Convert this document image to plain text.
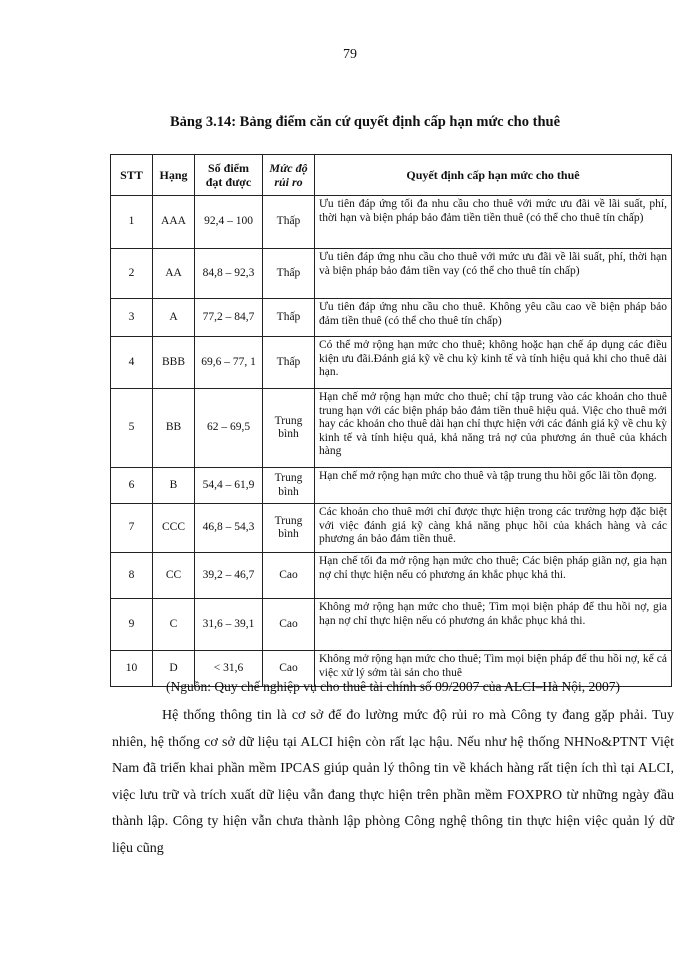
79
Bảng 3.14: Bảng điểm căn cứ quyết định cấp hạn mức cho thuê
STT	Hạng	Số điểm đạt được	Mức độ rủi ro	Quyết định cấp hạn mức cho thuê
1	AAA	92,4 – 100	Thấp	Ưu tiên đáp ứng tối đa nhu cầu cho thuê với mức ưu đãi về lãi suất, phí, thời hạn và biện pháp bảo đảm tiền tiền thuê (có thể cho thuê tín chấp)
2	AA	84,8 – 92,3	Thấp	Ưu tiên đáp ứng nhu cầu cho thuê với mức ưu đãi về lãi suất, phí, thời hạn và biện pháp bảo đảm tiền vay (có thể cho thuê tín chấp)
3	A	77,2 – 84,7	Thấp	Ưu tiên đáp ứng nhu cầu cho thuê. Không yêu cầu cao về biện pháp bảo đảm tiền thuê (có thể cho thuê tín chấp)
4	BBB	69,6 – 77, 1	Thấp	Có thể mở rộng hạn mức cho thuê; không hoặc hạn chế áp dụng các điều kiện ưu đãi.Đánh giá kỹ về chu kỳ kinh tế và tính hiệu quả khi cho thuê dài hạn.
5	BB	62 – 69,5	Trung bình	Hạn chế mở rộng hạn mức cho thuê; chỉ tập trung vào các khoản cho thuê trung hạn với các biện pháp bảo đảm tiền thuê hiệu quả. Việc cho thuê mới hay các khoản cho thuê dài hạn chỉ thực hiện với các đánh giá kỹ về chu kỳ kinh tế và tính hiệu quả, khả năng trả nợ của phương án thuê của khách hàng
6	B	54,4 – 61,9	Trung bình	Hạn chế mở rộng hạn mức cho thuê và tập trung thu hồi gốc lãi tồn đọng.
7	CCC	46,8 – 54,3	Trung bình	Các khoản cho thuê mới chỉ được thực hiện trong các trường hợp đặc biệt với việc đánh giá kỹ càng khả năng phục hồi của khách hàng và các phương án bảo đảm tiền thuê.
8	CC	39,2 – 46,7	Cao	Hạn chế tối đa mở rộng hạn mức cho thuê; Các biện pháp giãn nợ, gia hạn nợ chỉ thực hiện nếu có phương án khắc phục khả thi.
9	C	31,6 – 39,1	Cao	Không mở rộng hạn mức cho thuê; Tìm mọi biện pháp để thu hồi nợ, gia hạn nợ chỉ thực hiện nếu có phương án khắc phục khả thi.
10	D	< 31,6	Cao	Không mở rộng hạn mức cho thuê; Tìm mọi biện pháp để thu hồi nợ, kể cả việc xử lý sớm tài sản cho thuê
(Nguồn: Quy chế nghiệp vụ cho thuê tài chính số 09/2007 của ALCI–Hà Nội, 2007)

Hệ thống thông tin là cơ sở để đo lường mức độ rủi ro mà Công ty đang gặp phải. Tuy nhiên, hệ thống cơ sở dữ liệu tại ALCI hiện còn rất lạc hậu. Nếu như hệ thống NHNo&PTNT Việt Nam đã triển khai phần mềm IPCAS giúp quản lý thông tin về khách hàng rất tiện ích thì tại ALCI, việc lưu trữ và trích xuất dữ liệu vẫn đang thực hiện trên phần mềm FOXPRO từ những ngày đầu thành lập. Công ty hiện vẫn chưa thành lập phòng Công nghệ thông tin thực hiện việc quản lý dữ liệu cũng
